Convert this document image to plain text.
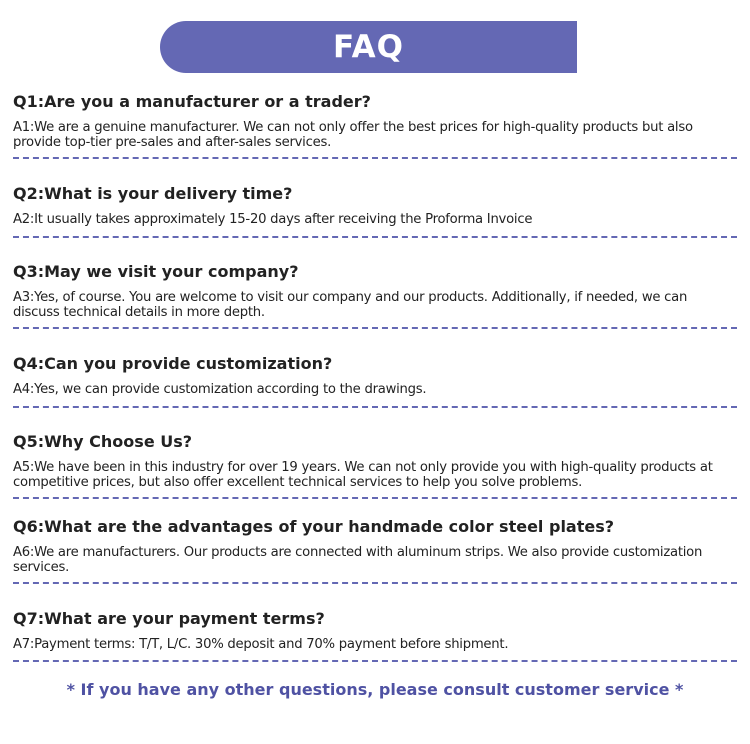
FAQ
Q1:Are you a manufacturer or a trader?
A1:We are a genuine manufacturer. We can not only offer the best prices for high-quality products but also provide top-tier pre-sales and after-sales services.
Q2:What is your delivery time?
A2:It usually takes approximately 15-20 days after receiving the Proforma Invoice
Q3:May we visit your company?
A3:Yes, of course. You are welcome to visit our company and our products. Additionally, if needed, we can discuss technical details in more depth.
Q4:Can you provide customization?
A4:Yes, we can provide customization according to the drawings.
Q5:Why Choose Us?
A5:We have been in this industry for over 19 years. We can not only provide you with high-quality products at competitive prices, but also offer excellent technical services to help you solve problems.
Q6:What are the advantages of your handmade color steel plates?
A6:We are manufacturers. Our products are connected with aluminum strips. We also provide customization services.
Q7:What are your payment terms?
A7:Payment terms: T/T, L/C. 30% deposit and 70% payment before shipment.
* If you have any other questions, please consult customer service *
